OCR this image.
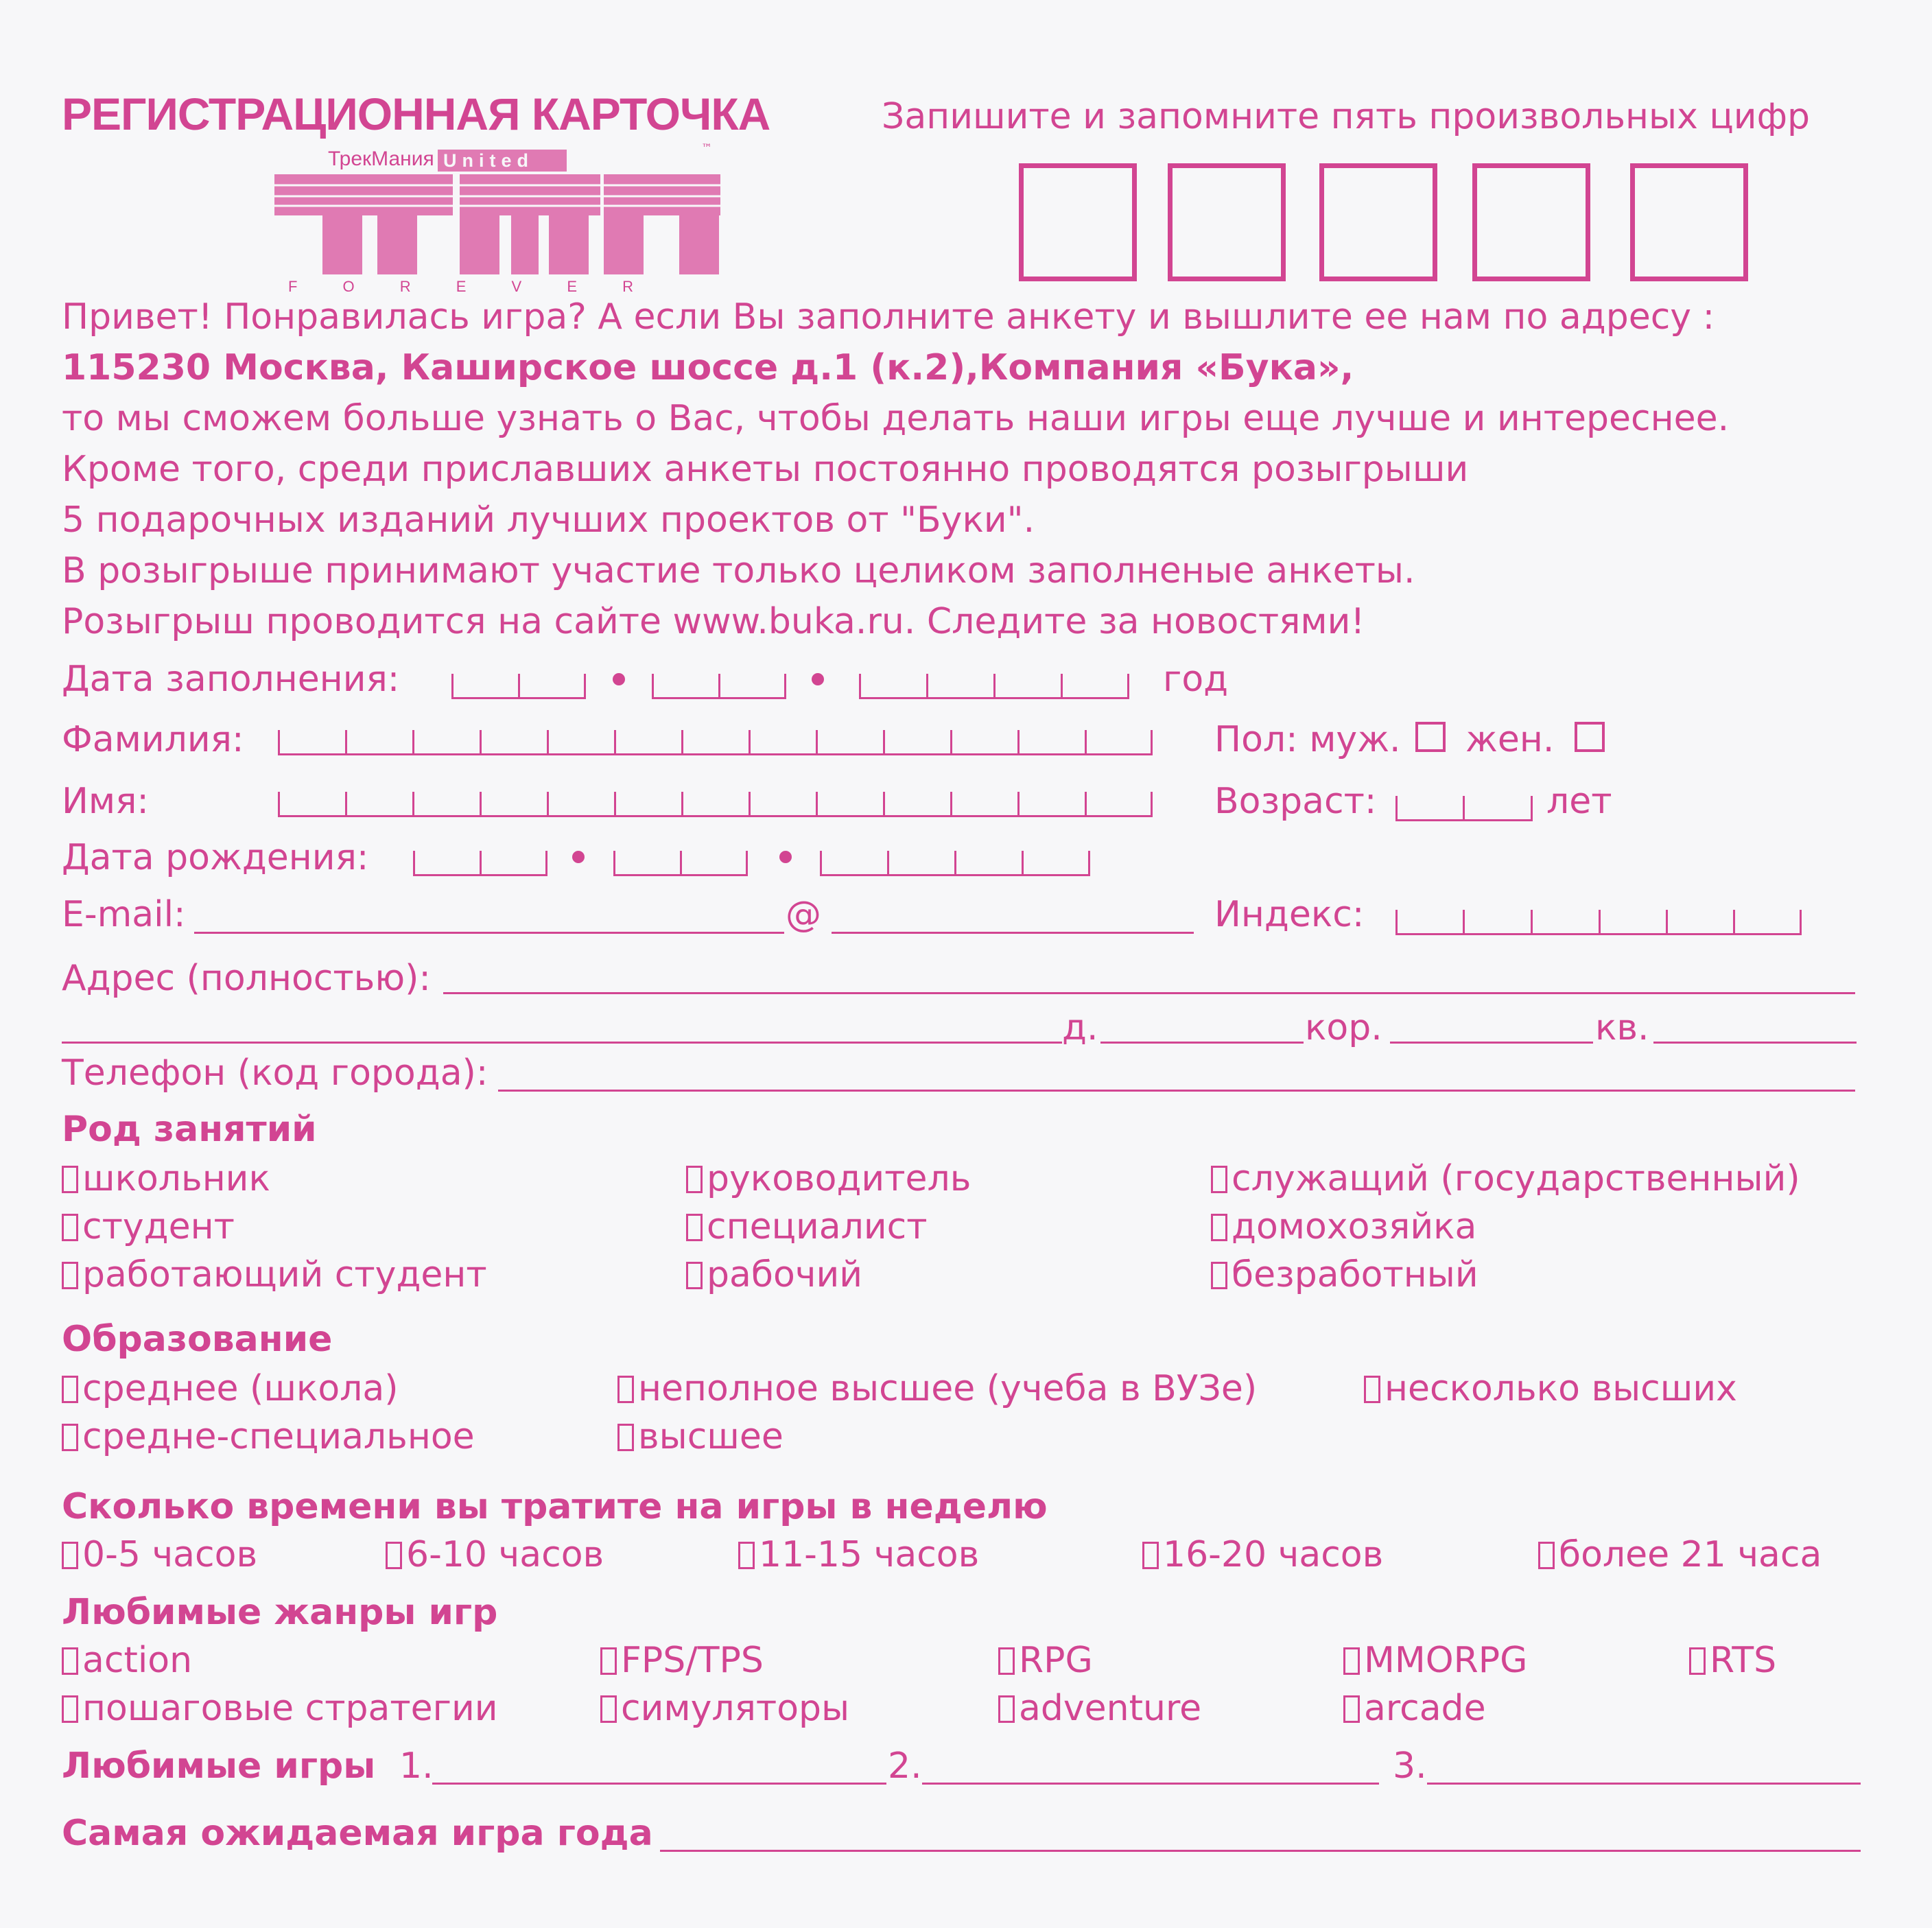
РЕГИСТРАЦИОННАЯ КАРТОЧКА	Запишите и запомните пять произвольных цифр
ТрекМания United
™
F O R E V E R
Привет! Понравилась игра? А если Вы заполните анкету и вышлите ее нам по адресу :
115230 Москва, Каширское шоссе д.1 (к.2),Компания «Бука»,
то мы сможем больше узнать о Вас, чтобы делать наши игры еще лучше и интереснее.
Кроме того, среди приславших анкеты постоянно проводятся розыгрыши
5 подарочных изданий лучших проектов от "Буки".
В розыгрыше принимают участие только целиком заполненые анкеты.
Розыгрыш проводится на сайте www.buka.ru. Следите за новостями!
Дата заполнения:	год
Фамилия:	Пол: муж. жен.
Имя:	Возраст:	лет
Дата рождения:
E-mail:	@	Индекс:
Адрес (полностью):
д.	кор.	кв.
Телефон (код города):
Род занятий
школьник	руководитель	служащий (государственный)
студент	специалист	домохозяйка
работающий студент	рабочий	безработный
Образование
среднее (школа)	неполное высшее (учеба в ВУЗе)	несколько высших
средне-специальное	высшее
Сколько времени вы тратите на игры в неделю
0-5 часов	6-10 часов	11-15 часов	16-20 часов	более 21 часа
Любимые жанры игр
action	FPS/TPS	RPG	MMORPG	RTS
пошаговые стратегии	симуляторы	adventure	arcade
Любимые игры 1.	2.	3.
Самая ожидаемая игра года
